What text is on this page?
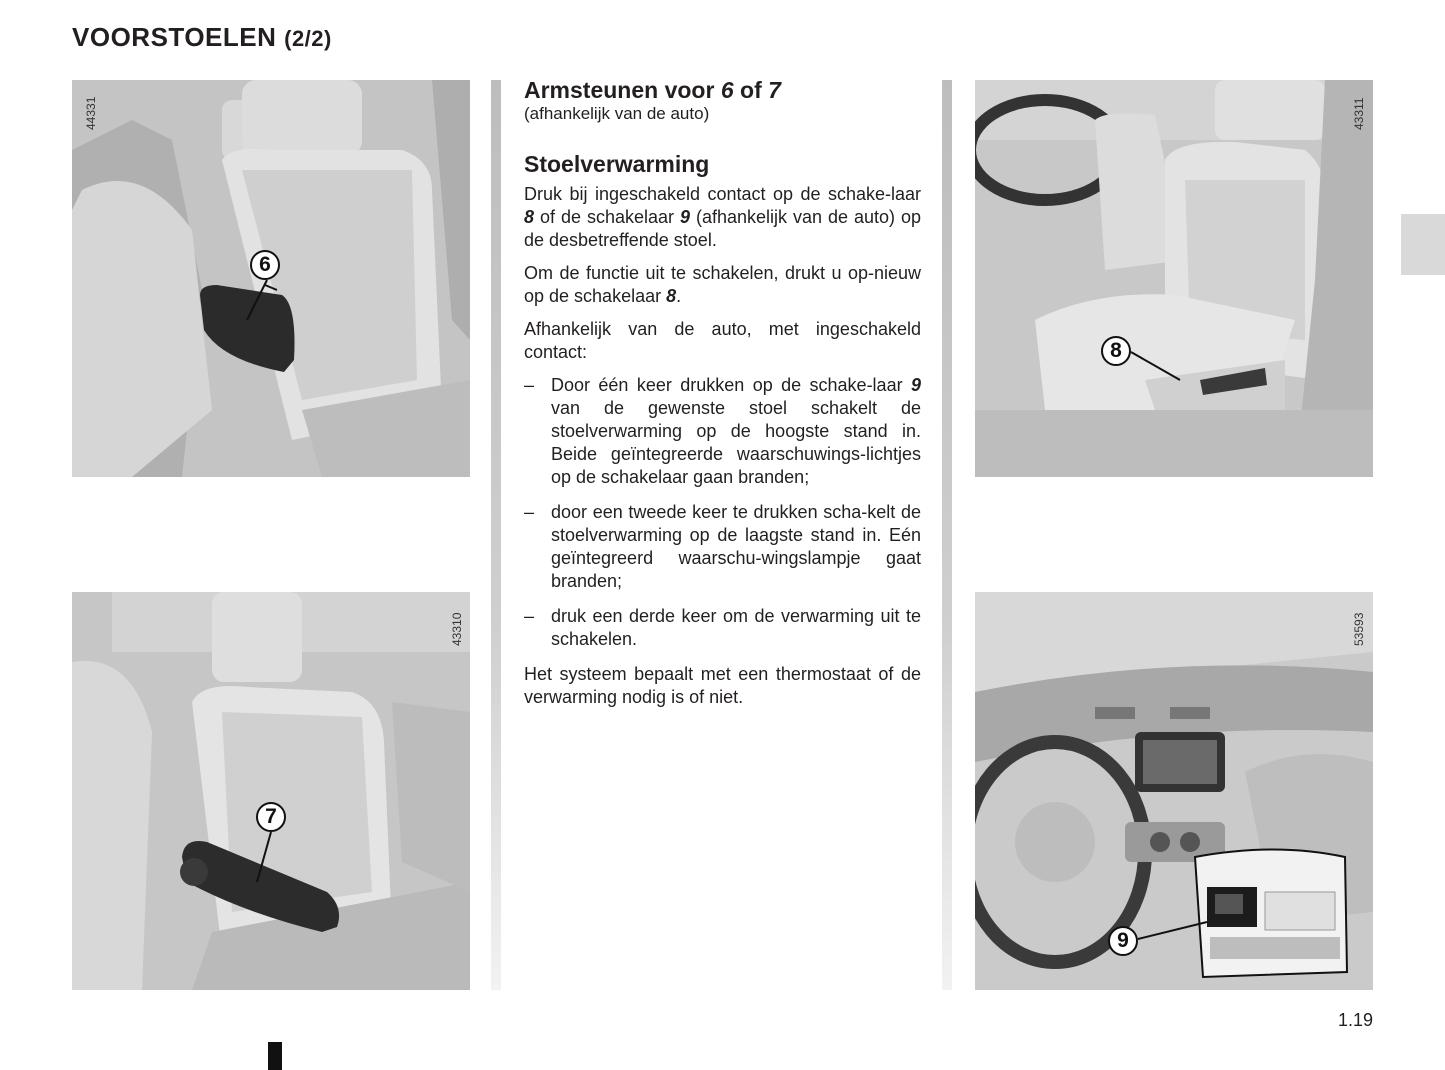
VOORSTOELEN (2/2)
6
44331
7
43310
Armsteunen voor 6 of 7
(afhankelijk van de auto)
Stoelverwarming

Druk bij ingeschakeld contact op de schake-laar 8 of de schakelaar 9 (afhankelijk van de auto) op de desbetreffende stoel.

Om de functie uit te schakelen, drukt u op-nieuw op de schakelaar 8.

Afhankelijk van de auto, met ingeschakeld contact:

– Door één keer drukken op de schake-laar 9 van de gewenste stoel schakelt de stoelverwarming op de hoogste stand in. Beide geïntegreerde waarschuwings-lichtjes op de schakelaar gaan branden;
– door een tweede keer te drukken scha-kelt de stoelverwarming op de laagste stand in. Eén geïntegreerd waarschu-wingslampje gaat branden;
– druk een derde keer om de verwarming uit te schakelen.

Het systeem bepaalt met een thermostaat of de verwarming nodig is of niet.

8
43311
9
53593
1.19
